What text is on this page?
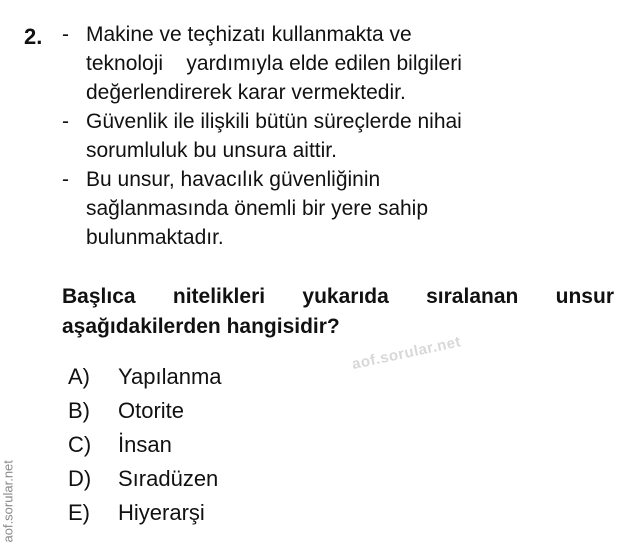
2. - Makine ve teçhizatı kullanmakta ve
teknoloji    yardımıyla elde edilen bilgileri
değerlendirerek karar vermektedir.
- Güvenlik ile ilişkili bütün süreçlerde nihai
sorumluluk bu unsura aittir.
- Bu unsur, havacılık güvenliğinin
sağlanmasında önemli bir yere sahip
bulunmaktadır.
Başlıca nitelikleri yukarıda sıralanan unsur
aşağıdakilerden hangisidir?
A)	Yapılanma
B)	Otorite
C)	İnsan
D)	Sıradüzen
E)	Hiyerarşi
aof.sorular.net
aof.sorular.net
